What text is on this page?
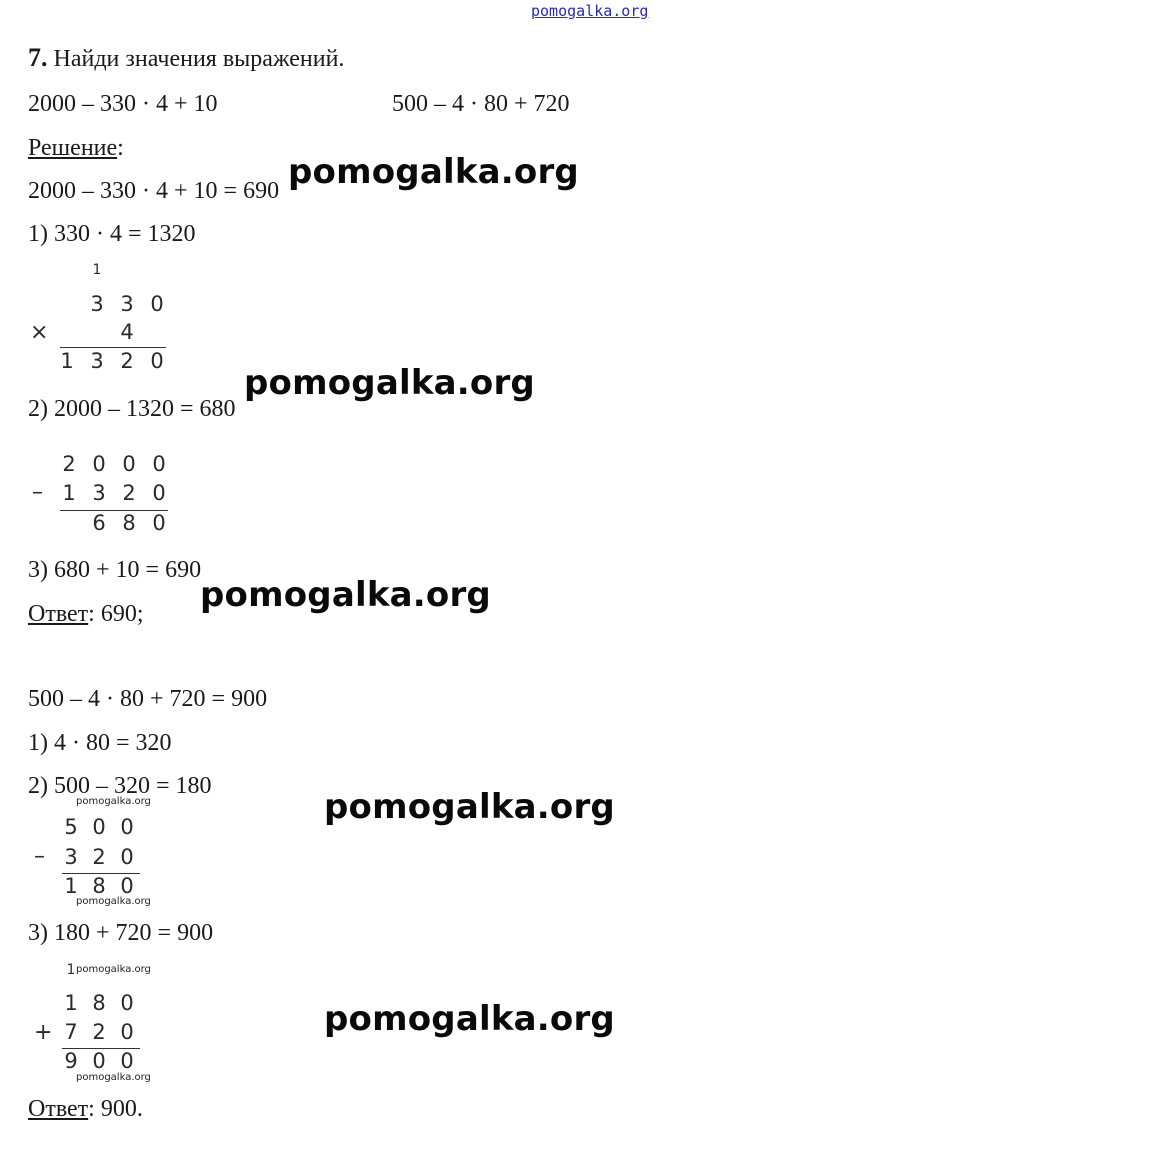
pomogalka.org
7. Найди значения выражений.
2000 – 330 · 4 + 10	500 – 4 · 80 + 720
Решение:
2000 – 330 · 4 + 10 = 690
1) 330 · 4 = 1320
1
3 3 0
×	4
1 3 2 0
2) 2000 – 1320 = 680
2 0 0 0
– 1 3 2 0
6 8 0
3) 680 + 10 = 690
Ответ: 690;
500 – 4 · 80 + 720 = 900
1) 4 · 80 = 320
2) 500 – 320 = 180
5 0 0
– 3 2 0
1 8 0
3) 180 + 720 = 900
1
1 8 0
+ 7 2 0
9 0 0
Ответ: 900.
pomogalka.org
pomogalka.org
pomogalka.org
pomogalka.org
pomogalka.org
pomogalka.org
pomogalka.org
pomogalka.org
pomogalka.org
